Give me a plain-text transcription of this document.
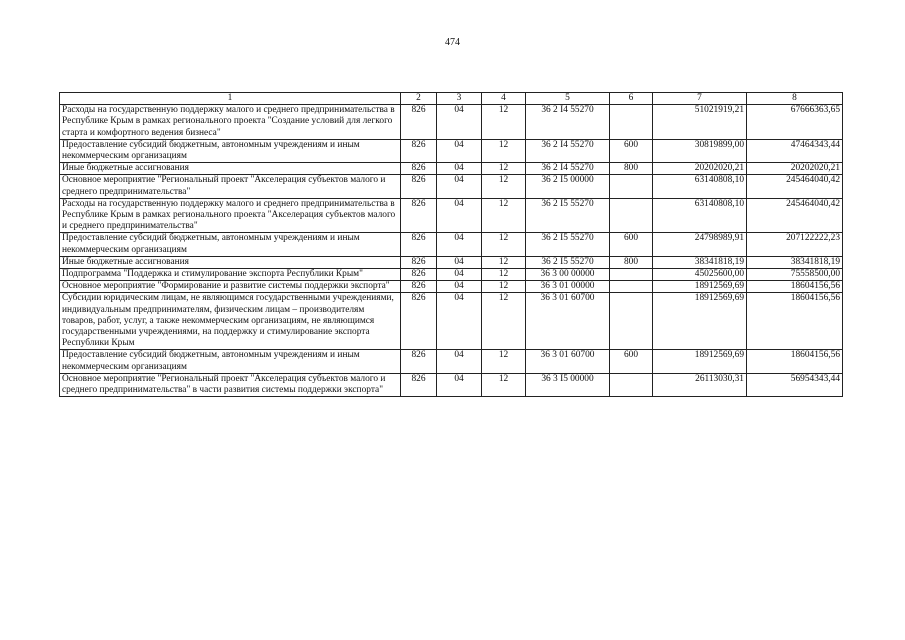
474
1	2	3	4	5	6	7	8
Расходы на государственную поддержку малого и среднего предпринимательства в Республике Крым в рамках регионального проекта "Создание условий для легкого старта и комфортного ведения бизнеса"	826	04	12	36 2 I4 55270		51021919,21	67666363,65
Предоставление субсидий бюджетным, автономным учреждениям и иным некоммерческим организациям	826	04	12	36 2 I4 55270	600	30819899,00	47464343,44
Иные бюджетные ассигнования	826	04	12	36 2 I4 55270	800	20202020,21	20202020,21
Основное мероприятие "Региональный проект "Акселерация субъектов малого и среднего предпринимательства"	826	04	12	36 2 I5 00000		63140808,10	245464040,42
Расходы на государственную поддержку малого и среднего предпринимательства в Республике Крым в рамках регионального проекта "Акселерация субъектов малого и среднего предпринимательства"	826	04	12	36 2 I5 55270		63140808,10	245464040,42
Предоставление субсидий бюджетным, автономным учреждениям и иным некоммерческим организациям	826	04	12	36 2 I5 55270	600	24798989,91	207122222,23
Иные бюджетные ассигнования	826	04	12	36 2 I5 55270	800	38341818,19	38341818,19
Подпрограмма "Поддержка и стимулирование экспорта Республики Крым"	826	04	12	36 3 00 00000		45025600,00	75558500,00
Основное мероприятие "Формирование и развитие системы поддержки экспорта"	826	04	12	36 3 01 00000		18912569,69	18604156,56
Субсидии юридическим лицам, не являющимся государственными учреждениями, индивидуальным предпринимателям, физическим лицам – производителям товаров, работ, услуг, а также некоммерческим организациям, не являющимся государственными учреждениями, на поддержку и стимулирование экспорта Республики Крым	826	04	12	36 3 01 60700		18912569,69	18604156,56
Предоставление субсидий бюджетным, автономным учреждениям и иным некоммерческим организациям	826	04	12	36 3 01 60700	600	18912569,69	18604156,56
Основное мероприятие "Региональный проект "Акселерация субъектов малого и среднего предпринимательства" в части развития системы поддержки экспорта"	826	04	12	36 3 I5 00000		26113030,31	56954343,44
